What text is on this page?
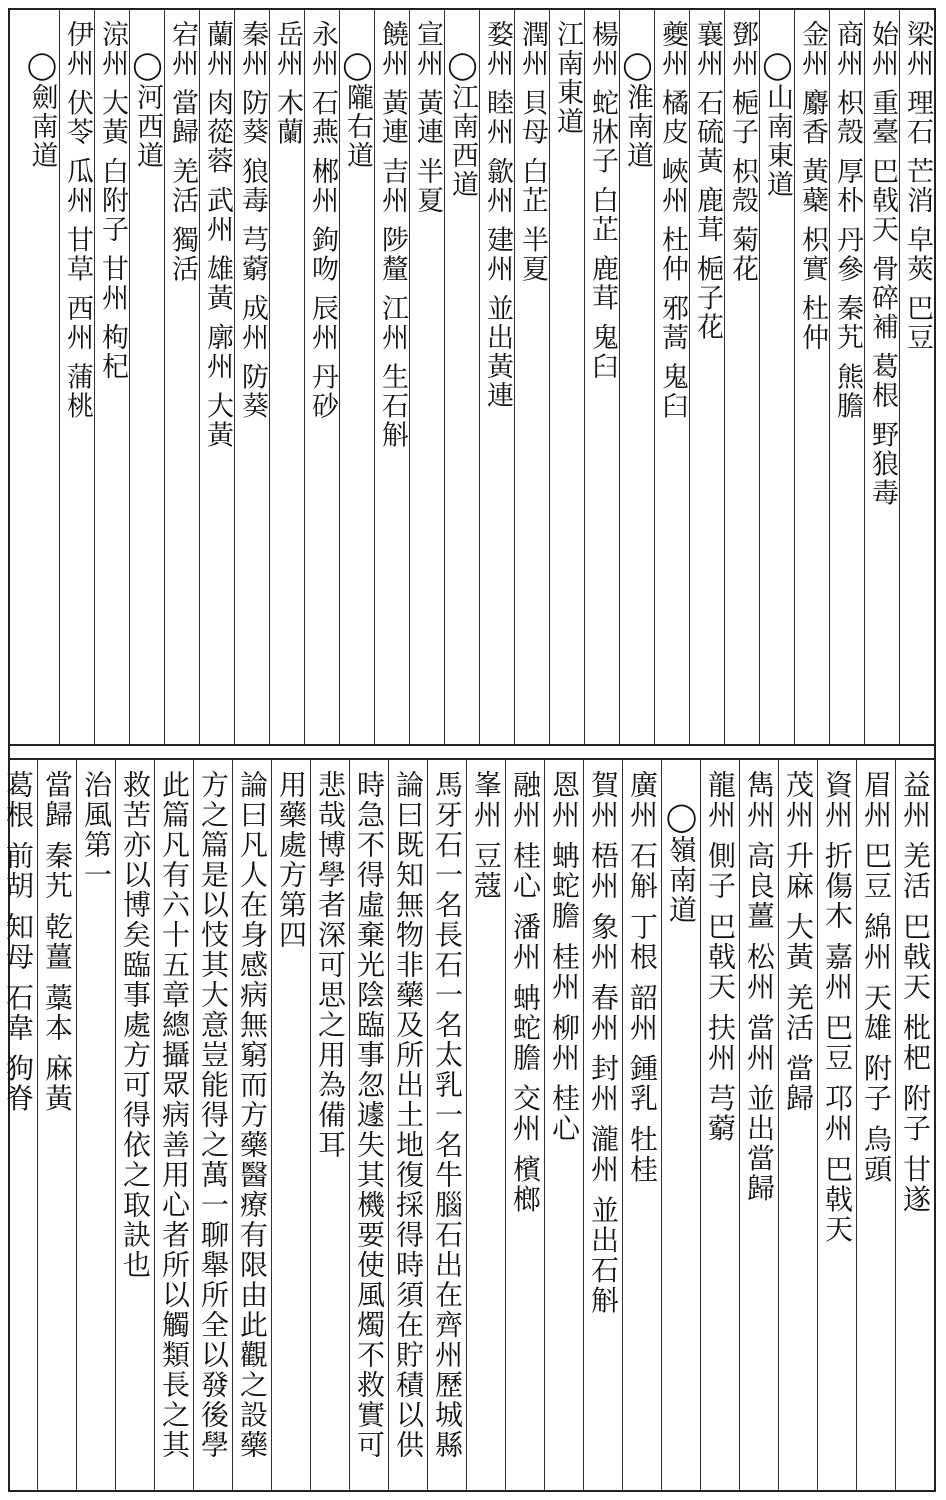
梁州 理石 芒消 皁莢 巴豆
始州 重臺 巴戟天 骨碎補 葛根 野狼毒
商州 枳殼 厚朴 丹參 秦艽 熊膽
金州 麝香 黃蘗 枳實 杜仲
◯山南東道
鄧州 梔子 枳殼 菊花
襄州 石硫黃 鹿茸 梔子花
夔州 橘皮 峽州 杜仲 邪蒿 鬼臼
◯淮南道
楊州 蛇牀子 白芷 鹿茸 鬼臼
江南東道
潤州 貝母 白芷 半夏
婺州 睦州 歙州 建州 並出黃連
◯江南西道
宣州 黃連 半夏
饒州 黃連 吉州 陟釐 江州 生石斛
◯隴右道
永州 石燕 郴州 鉤吻 辰州 丹砂
岳州 木蘭
秦州 防葵 狼毒 芎藭 成州 防葵
蘭州 肉蓯蓉 武州 雄黃 廓州 大黃
宕州 當歸 羌活 獨活
◯河西道
涼州 大黃 白附子 甘州 枸杞
伊州 伏苓 瓜州 甘草 西州 蒲桃
◯劍南道
益州 羌活 巴戟天 枇杷 附子 甘遂
眉州 巴豆 綿州 天雄 附子 烏頭
資州 折傷木 嘉州 巴豆 邛州 巴戟天
茂州 升麻 大黃 羌活 當歸
雋州 高良薑 松州 當州 並出當歸
龍州 側子 巴戟天 扶州 芎藭
◯嶺南道
廣州 石斛 丁根 韶州 鍾乳 牡桂
賀州 梧州 象州 春州 封州 瀧州 並出石斛
恩州 蚺蛇膽 桂州 柳州 桂心
融州 桂心 潘州 蚺蛇膽 交州 檳榔
峯州 豆蔻
馬牙石一名長石一名太乳一名牛腦石出在齊州歷城縣
論曰既知無物非藥及所出土地復採得時須在貯積以供
時急不得虛棄光陰臨事忽遽失其機要使風燭不救實可
悲哉博學者深可思之用為備耳
用藥處方第四
論曰凡人在身感病無窮而方藥醫療有限由此觀之設藥
方之篇是以忮其大意豈能得之萬一聊舉所全以發後學
此篇凡有六十五章總攝眾病善用心者所以觸類長之其
救苦亦以博矣臨事處方可得依之取訣也
治風第一
當歸 秦艽 乾薑 藁本 麻黃
葛根 前胡 知母 石韋 狗脊
